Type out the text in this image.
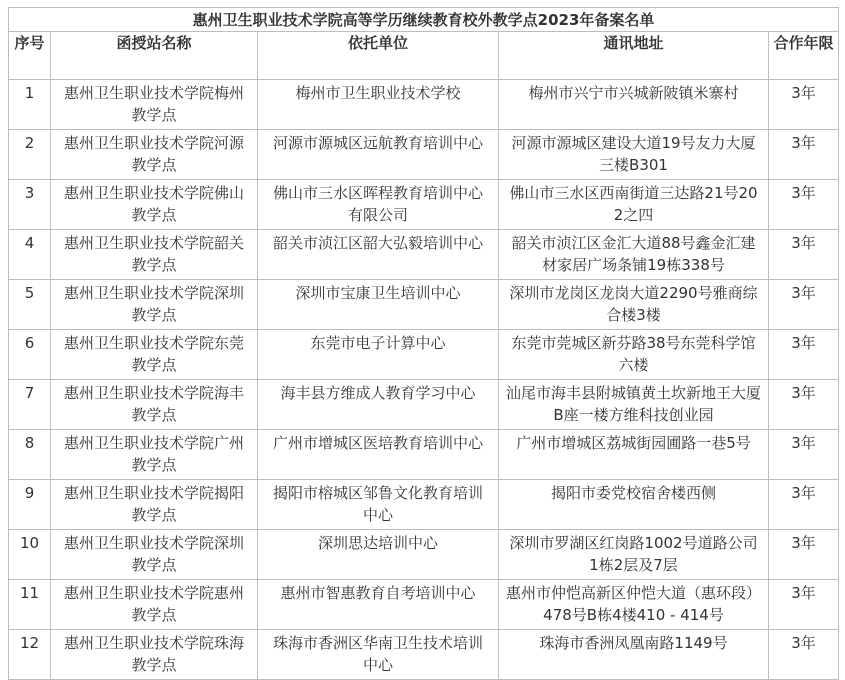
惠州卫生职业技术学院高等学历继续教育校外教学点2023年备案名单				
序号	函授站名称	依托单位	通讯地址	合作年限
1	惠州卫生职业技术学院梅州教学点	梅州市卫生职业技术学校	梅州市兴宁市兴城新陂镇米寨村	3年
2	惠州卫生职业技术学院河源教学点	河源市源城区远航教育培训中心	河源市源城区建设大道19号友力大厦三楼B301	3年
3	惠州卫生职业技术学院佛山教学点	佛山市三水区晖程教育培训中心有限公司	佛山市三水区西南街道三达路21号202之四	3年
4	惠州卫生职业技术学院韶关教学点	韶关市浈江区韶大弘毅培训中心	韶关市浈江区金汇大道88号鑫金汇建材家居广场条铺19栋338号	3年
5	惠州卫生职业技术学院深圳教学点	深圳市宝康卫生培训中心	深圳市龙岗区龙岗大道2290号雅商综合楼3楼	3年
6	惠州卫生职业技术学院东莞教学点	东莞市电子计算中心	东莞市莞城区新芬路38号东莞科学馆六楼	3年
7	惠州卫生职业技术学院海丰教学点	海丰县方维成人教育学习中心	汕尾市海丰县附城镇黄土坎新地王大厦B座一楼方维科技创业园	3年
8	惠州卫生职业技术学院广州教学点	广州市增城区医培教育培训中心	广州市增城区荔城街园圃路一巷5号	3年
9	惠州卫生职业技术学院揭阳教学点	揭阳市榕城区邹鲁文化教育培训中心	揭阳市委党校宿舍楼西侧	3年
10	惠州卫生职业技术学院深圳教学点	深圳思达培训中心	深圳市罗湖区红岗路1002号道路公司1栋2层及7层	3年
11	惠州卫生职业技术学院惠州教学点	惠州市智惠教育自考培训中心	惠州市仲恺高新区仲恺大道（惠环段）478号B栋4楼410 - 414号	3年
12	惠州卫生职业技术学院珠海教学点	珠海市香洲区华南卫生技术培训中心	珠海市香洲凤凰南路1149号	3年
